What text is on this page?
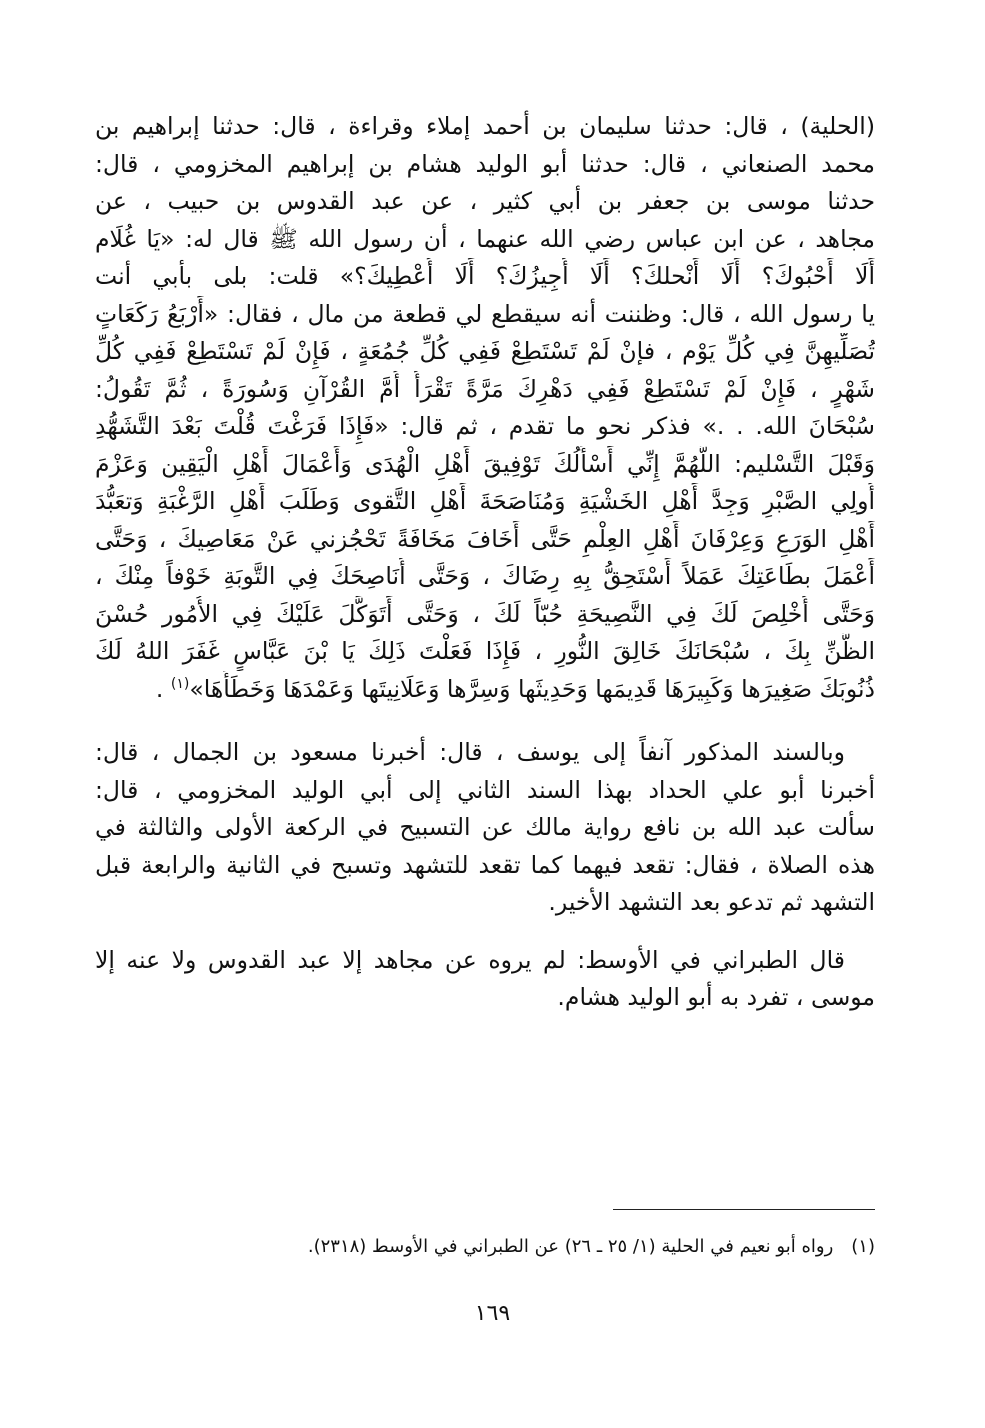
(الحلية) ، قال: حدثنا سليمان بن أحمد إملاء وقراءة ، قال: حدثنا إبراهيم بن
محمد الصنعاني ، قال: حدثنا أبو الوليد هشام بن إبراهيم المخزومي ، قال:
حدثنا موسى بن جعفر بن أبي كثير ، عن عبد القدوس بن حبيب ، عن
مجاهد ، عن ابن عباس رضي الله عنهما ، أن رسول الله ﷺ قال له: «يَا غُلَام
أَلَا أَحْبُوكَ؟ أَلَا أَنْحلكَ؟ أَلَا أُجِيزُكَ؟ أَلَا أُعْطِيكَ؟» قلت: بلى بأبي أنت
يا رسول الله ، قال: وظننت أنه سيقطع لي قطعة من مال ، فقال: «أَرْبَعُ رَكَعَاتٍ
تُصَلِّيهِنَّ فِي كُلِّ يَوْم ، فإنْ لَمْ تَسْتَطِعْ فَفِي كُلِّ جُمُعَةٍ ، فَإِنْ لَمْ تَسْتَطِعْ فَفِي كُلِّ
شَهْرٍ ، فَإِنْ لَمْ تَسْتَطِعْ فَفِي دَهْرِكَ مَرَّةً تَقْرَأُ أُمَّ القُرْآنِ وَسُورَةً ، ثُمَّ تَقُولُ:
سُبْحَانَ الله. . .» فذكر نحو ما تقدم ، ثم قال: «فَإِذَا فَرَغْتَ قُلْتَ بَعْدَ التَّشَهُّدِ
وَقَبْلَ التَّسْليم: اللَّهُمَّ إِنِّي أَسْأَلُكَ تَوْفِيقَ أَهْلِ الْهُدَى وَأَعْمَالَ أَهْلِ الْيَقِين وَعَزْمَ
أُولِي الصَّبْرِ وَجِدَّ أَهْلِ الخَشْيَةِ وَمُنَاصَحَةَ أَهْلِ التَّقوى وَطَلَبَ أَهْلِ الرَّغْبَةِ وَتعَبُّدَ
أَهْلِ الوَرَعِ وَعِرْفَانَ أَهْلِ العِلْمِ حَتَّى أَخَافَ مَخَافَةً تَحْجُزني عَنْ مَعَاصِيكَ ، وَحَتَّى
أَعْمَلَ بطَاعَتِكَ عَمَلاً أَسْتَحِقُّ بِهِ رِضَاكَ ، وَحَتَّى أُنَاصِحَكَ فِي التَّوبَةِ خَوْفاً مِنْكَ ،
وَحَتَّى أُخْلِصَ لَكَ فِي النَّصِيحَةِ حُبّاً لَكَ ، وَحَتَّى أَتَوَكَّلَ عَلَيْكَ فِي الأُمُور حُسْنَ
الظَّنِّ بِكَ ، سُبْحَانَكَ خَالِقَ النُّورِ ، فَإِذَا فَعَلْتَ ذَلِكَ يَا بْنَ عَبَّاسٍ غَفَرَ اللهُ لَكَ
ذُنُوبَكَ صَغِيرَها وَكَبِيرَهَا قَدِيمَها وَحَدِيثَها وَسِرَّها وَعَلَانِيتَها وَعَمْدَهَا وَخَطَأَهَا»$^{(١)}$ .
وبالسند المذكور آنفاً إلى يوسف ، قال: أخبرنا مسعود بن الجمال ، قال:
أخبرنا أبو علي الحداد بهذا السند الثاني إلى أبي الوليد المخزومي ، قال:
سألت عبد الله بن نافع رواية مالك عن التسبيح في الركعة الأولى والثالثة في
هذه الصلاة ، فقال: تقعد فيهما كما تقعد للتشهد وتسبح في الثانية والرابعة قبل
التشهد ثم تدعو بعد التشهد الأخير.
قال الطبراني في الأوسط: لم يروه عن مجاهد إلا عبد القدوس ولا عنه إلا
موسى ، تفرد به أبو الوليد هشام.
(١)رواه أبو نعيم في الحلية (١/ ٢٥ ـ ٢٦) عن الطبراني في الأوسط (٢٣١٨).
١٦٩
